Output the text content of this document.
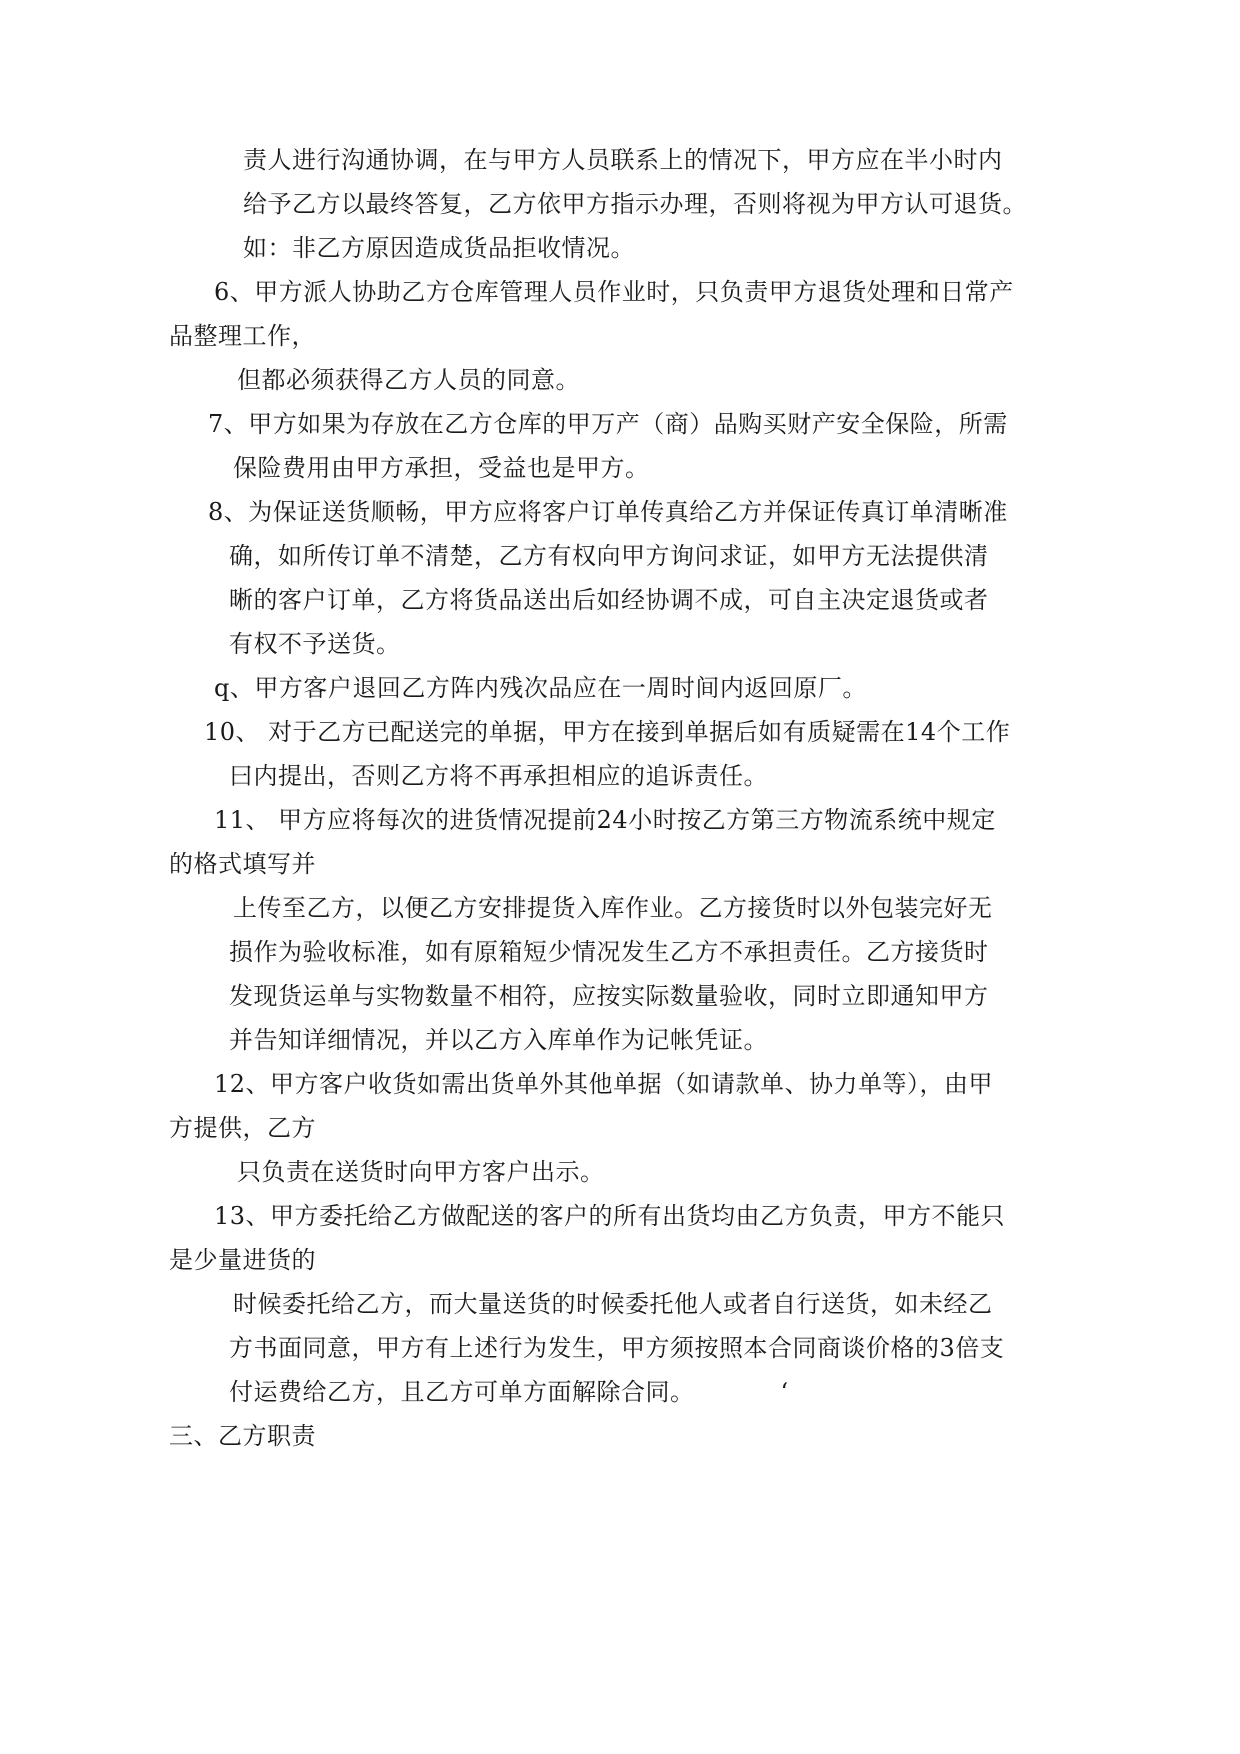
责人进行沟通协调，在与甲方人员联系上的情况下，甲方应在半小时内
给予乙方以最终答复，乙方依甲方指示办理，否则将视为甲方认可退货。
如：非乙方原因造成货品拒收情况。
6、甲方派人协助乙方仓库管理人员作业时，只负责甲方退货处理和日常产
品整理工作，
但都必须获得乙方人员的同意。
7、甲方如果为存放在乙方仓库的甲万产（商）品购买财产安全保险，所需
保险费用由甲方承担，受益也是甲方。
8、为保证送货顺畅，甲方应将客户订单传真给乙方并保证传真订单清晰准
确，如所传订单不清楚，乙方有权向甲方询问求证，如甲方无法提供清
晰的客户订单，乙方将货品送出后如经协调不成，可自主决定退货或者
有权不予送货。
q、甲方客户退回乙方阵内残次品应在一周时间内返回原厂。
10、 对于乙方已配送完的单据，甲方在接到单据后如有质疑需在14个工作
曰内提出，否则乙方将不再承担相应的追诉责任。
11、 甲方应将每次的进货情况提前24小时按乙方第三方物流系统中规定
的格式填写并
上传至乙方，以便乙方安排提货入库作业。乙方接货时以外包装完好无
损作为验收标准，如有原箱短少情况发生乙方不承担责任。乙方接货时
发现货运单与实物数量不相符，应按实际数量验收，同时立即通知甲方
并告知详细情况，并以乙方入库单作为记帐凭证。
12、甲方客户收货如需出货单外其他单据（如请款单、协力单等），由甲
方提供，乙方
只负责在送货时向甲方客户出示。
13、甲方委托给乙方做配送的客户的所有出货均由乙方负责，甲方不能只
是少量进货的
时候委托给乙方，而大量送货的时候委托他人或者自行送货，如未经乙
方书面同意，甲方有上述行为发生，甲方须按照本合同商谈价格的3倍支
付运费给乙方，且乙方可单方面解除合同。　　　　‘
三、乙方职责
